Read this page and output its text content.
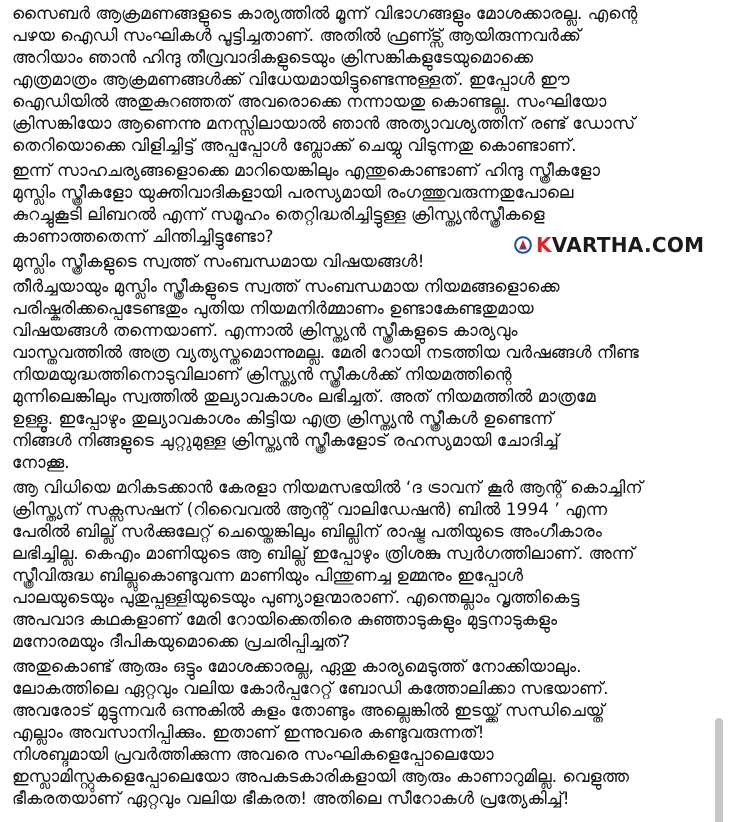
സൈബർ ആക്രമണങ്ങളുടെ കാര്യത്തിൽ മൂന്ന് വിഭാഗങ്ങളും മോശക്കാരല്ല. എന്റെ
പഴയ ഐഡി സംഘികൾ പൂട്ടിച്ചതാണ്. അതിൽ ഫ്രണ്ട്സ് ആയിരുന്നവർക്ക്
അറിയാം ഞാൻ ഹിന്ദു തീവ്രവാദികളുടെയും ക്രിസങ്കികളുടേയുമൊക്കെ
എത്രമാത്രം ആക്രമണങ്ങൾക്ക് വിധേയമായിട്ടുണ്ടെന്നുള്ളത്. ഇപ്പോൾ ഈ
ഐഡിയിൽ അതുകുറഞ്ഞത് അവരൊക്കെ നന്നായതു കൊണ്ടല്ല. സംഘിയോ
ക്രിസങ്കിയോ ആണെന്നു മനസ്സിലായാൽ ഞാൻ അത്യാവശ്യത്തിന് രണ്ട് ഡോസ്
തെറിയൊക്കെ വിളിച്ചിട്ട് അപ്പപ്പോൾ ബ്ലോക്ക് ചെയ്യു വിടുന്നതു കൊണ്ടാണ്.
ഇന്ന് സാഹചര്യങ്ങളൊക്കെ മാറിയെങ്കിലും എന്തുകൊണ്ടാണ് ഹിന്ദു സ്ത്രീകളോ
മുസ്ലിം സ്ത്രീകളോ യുക്തിവാദികളായി പരസ്യമായി രംഗത്തുവരുന്നതുപോലെ
കുറച്ചുകൂടി ലിബറൽ എന്ന് സമൂഹം തെറ്റിദ്ധരിച്ചിട്ടുള്ള ക്രിസ്ത്യൻസ്ത്രീകളെ
കാണാത്തതെന്ന് ചിന്തിച്ചിട്ടുണ്ടോ?
മുസ്ലിം സ്ത്രീകളുടെ സ്വത്ത് സംബന്ധമായ വിഷയങ്ങൾ!
തീർച്ചയായും മുസ്ലിം സ്ത്രീകളുടെ സ്വത്ത് സംബന്ധമായ നിയമങ്ങളൊക്കെ
പരിഷ്കരിക്കപ്പെടേണ്ടതും പുതിയ നിയമനിർമ്മാണം ഉണ്ടാകേണ്ടതുമായ
വിഷയങ്ങൾ തന്നെയാണ്. എന്നാൽ ക്രിസ്ത്യൻ സ്ത്രീകളുടെ കാര്യവും
വാസ്തവത്തിൽ അത്ര വ്യത്യസ്തമൊന്നുമല്ല. മേരി റോയി നടത്തിയ വർഷങ്ങൾ നീണ്ട
നിയമയുദ്ധത്തിനൊടുവിലാണ് ക്രിസ്ത്യൻ സ്ത്രീകൾക്ക് നിയമത്തിന്റെ
മുന്നിലെങ്കിലും സ്വത്തിൽ തുല്യാവകാശം ലഭിച്ചത്. അത് നിയമത്തിൽ മാത്രമേ
ഉള്ളൂ. ഇപ്പോഴും തുല്യാവകാശം കിട്ടിയ എത്ര ക്രിസ്ത്യൻ സ്ത്രീകൾ ഉണ്ടെന്ന്
നിങ്ങൾ നിങ്ങളുടെ ചുറ്റുമുള്ള ക്രിസ്ത്യൻ സ്ത്രീകളോട് രഹസ്യമായി ചോദിച്ച്
നോക്കൂ.
ആ വിധിയെ മറികടക്കാൻ കേരളാ നിയമസഭയിൽ ‘ദ ട്രാവന് കൂർ ആന്റ് കൊച്ചിന്
ക്രിസ്ത്യന് സക്സസഷന് (റിവൈവൽ ആന്റ് വാലിഡേഷൻ) ബിൽ 1994 ’ എന്ന
പേരിൽ ബില്ല് സർക്കുലേറ്റ് ചെയ്തെങ്കിലും ബില്ലിന് രാഷ്ട്ര പതിയുടെ അംഗീകാരം
ലഭിച്ചില്ല. കെഎം മാണിയുടെ ആ ബില്ല് ഇപ്പോഴും ത്രിശങ്കു സ്വർഗത്തിലാണ്. അന്ന്
സ്ത്രീവിരുദ്ധ ബില്ലുകൊണ്ടുവന്ന മാണിയും പിന്തുണച്ച ഉമ്മനും ഇപ്പോൾ
പാലയുടെയും പുതുപ്പള്ളിയുടെയും പുണ്യാളന്മാരാണ്. എന്തെല്ലാം വൃത്തികെട്ട
അപവാദ കഥകളാണ് മേരി റോയിക്കെതിരെ കുഞ്ഞാടുകളും മുട്ടനാടുകളും
മനോരമയും ദീപികയുമൊക്കെ പ്രചരിപ്പിച്ചത്?
അതുകൊണ്ട് ആരും ഒട്ടും മോശക്കാരല്ല, ഏതു കാര്യമെടുത്ത് നോക്കിയാലും.
ലോകത്തിലെ ഏറ്റവും വലിയ കോർപ്പറേറ്റ് ബോഡി കത്തോലിക്കാ സഭയാണ്.
അവരോട് മുട്ടുന്നവർ ഒന്നുകിൽ കുളം തോണ്ടും അല്ലെങ്കിൽ ഇടയ്ക്ക് സന്ധിചെയ്ത്
എല്ലാം അവസാനിപ്പിക്കും. ഇതാണ് ഇന്നുവരെ കണ്ടുവരുന്നത്!
നിശബ്ദമായി പ്രവർത്തിക്കുന്ന അവരെ സംഘികളെപ്പോലെയോ
ഇസ്ലാമിസ്റ്റുകളെപ്പോലെയോ അപകടകാരികളായി ആരും കാണാറുമില്ല. വെളുത്ത
ഭീകരതയാണ് ഏറ്റവും വലിയ ഭീകരത! അതിലെ സീറോകൾ പ്രത്യേകിച്ച്!
KVARTHA.COM
